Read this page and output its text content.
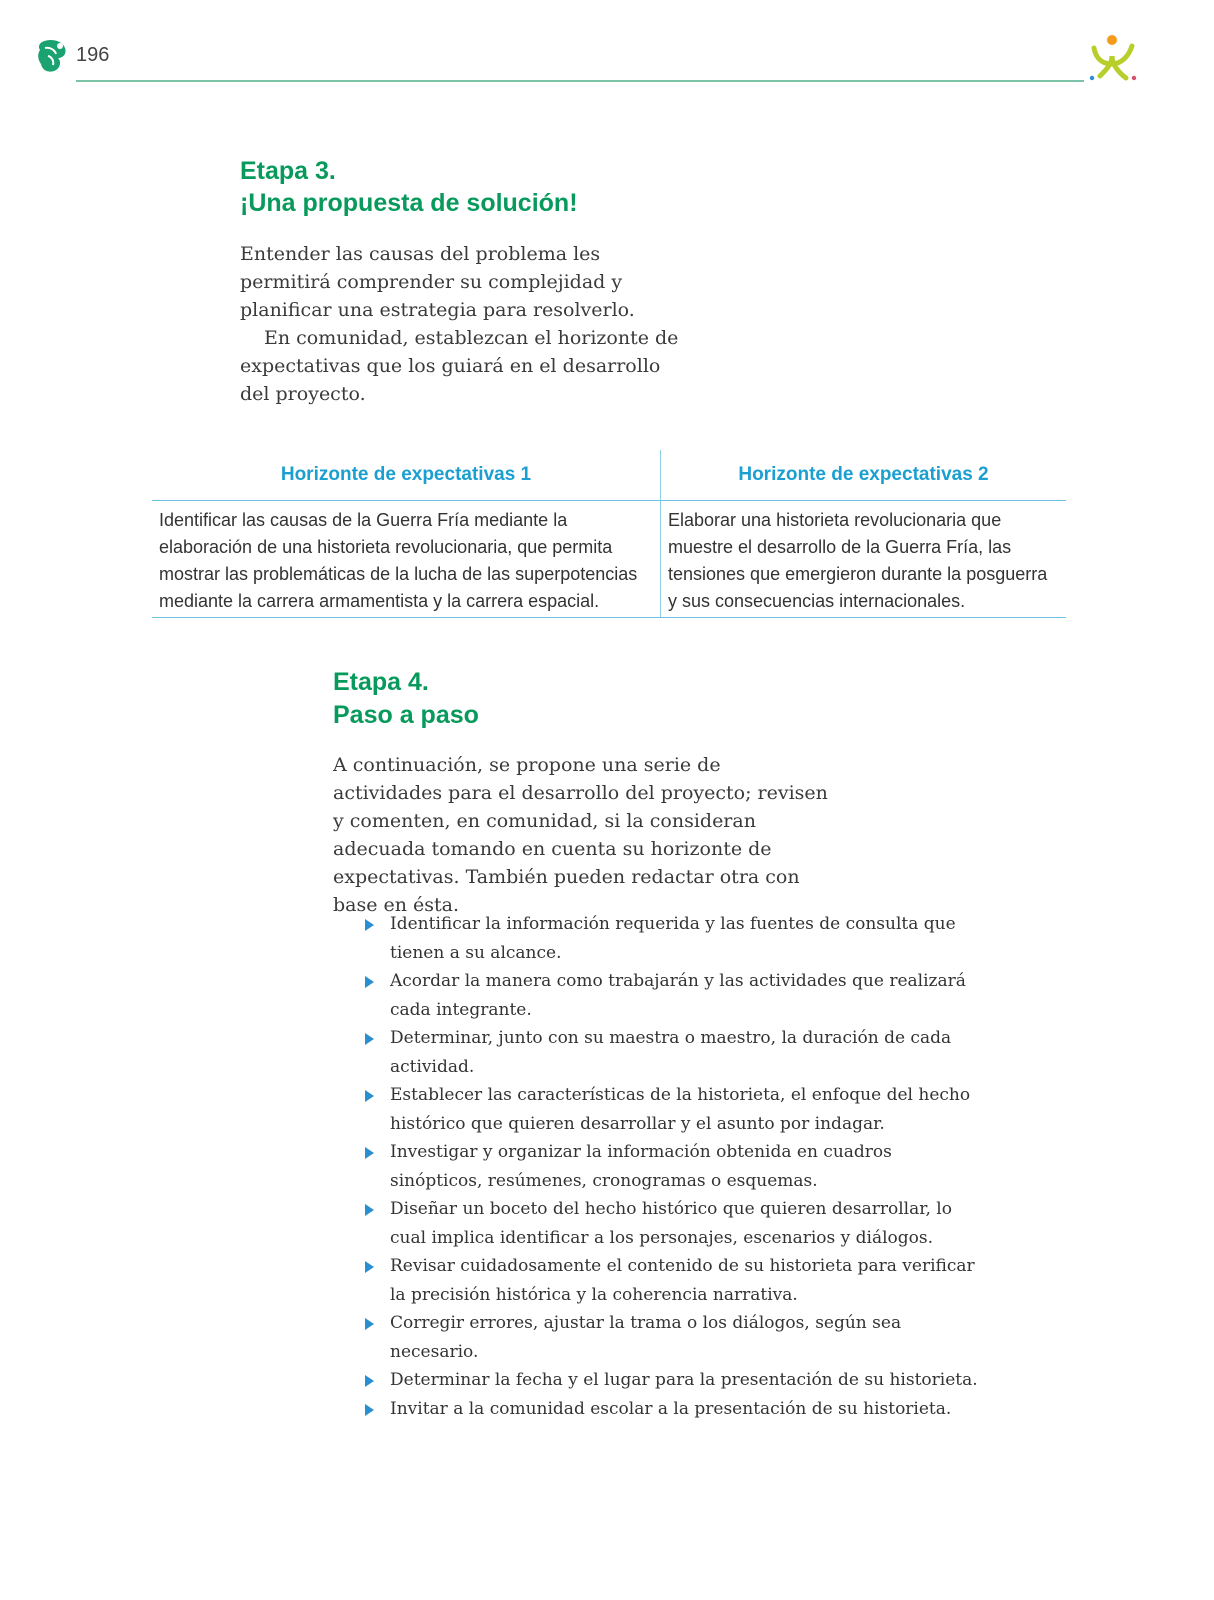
196
Etapa 3.
¡Una propuesta de solución!

Entender las causas del problema les permitirá comprender su complejidad y planificar una estrategia para resolverlo.

En comunidad, establezcan el horizonte de expectativas que los guiará en el desarrollo del proyecto.

Horizonte de expectativas 1	Horizonte de expectativas 2
Identificar las causas de la Guerra Fría mediante la elaboración de una historieta revolucionaria, que permita mostrar las problemáticas de la lucha de las superpotencias mediante la carrera armamentista y la carrera espacial.	Elaborar una historieta revolucionaria que muestre el desarrollo de la Guerra Fría, las tensiones que emergieron durante la posguerra y sus consecuencias internacionales.
Etapa 4.
Paso a paso

A continuación, se propone una serie de actividades para el desarrollo del proyecto; revisen y comenten, en comunidad, si la consideran adecuada tomando en cuenta su horizonte de expectativas. También pueden redactar otra con base en ésta.

Identificar la información requerida y las fuentes de consulta que tienen a su alcance.
Acordar la manera como trabajarán y las actividades que realizará cada integrante.
Determinar, junto con su maestra o maestro, la duración de cada actividad.
Establecer las características de la historieta, el enfoque del hecho histórico que quieren desarrollar y el asunto por indagar.
Investigar y organizar la información obtenida en cuadros sinópticos, resúmenes, cronogramas o esquemas.
Diseñar un boceto del hecho histórico que quieren desarrollar, lo cual implica identificar a los personajes, escenarios y diálogos.
Revisar cuidadosamente el contenido de su historieta para verificar la precisión histórica y la coherencia narrativa.
Corregir errores, ajustar la trama o los diálogos, según sea necesario.
Determinar la fecha y el lugar para la presentación de su historieta.
Invitar a la comunidad escolar a la presentación de su historieta.
